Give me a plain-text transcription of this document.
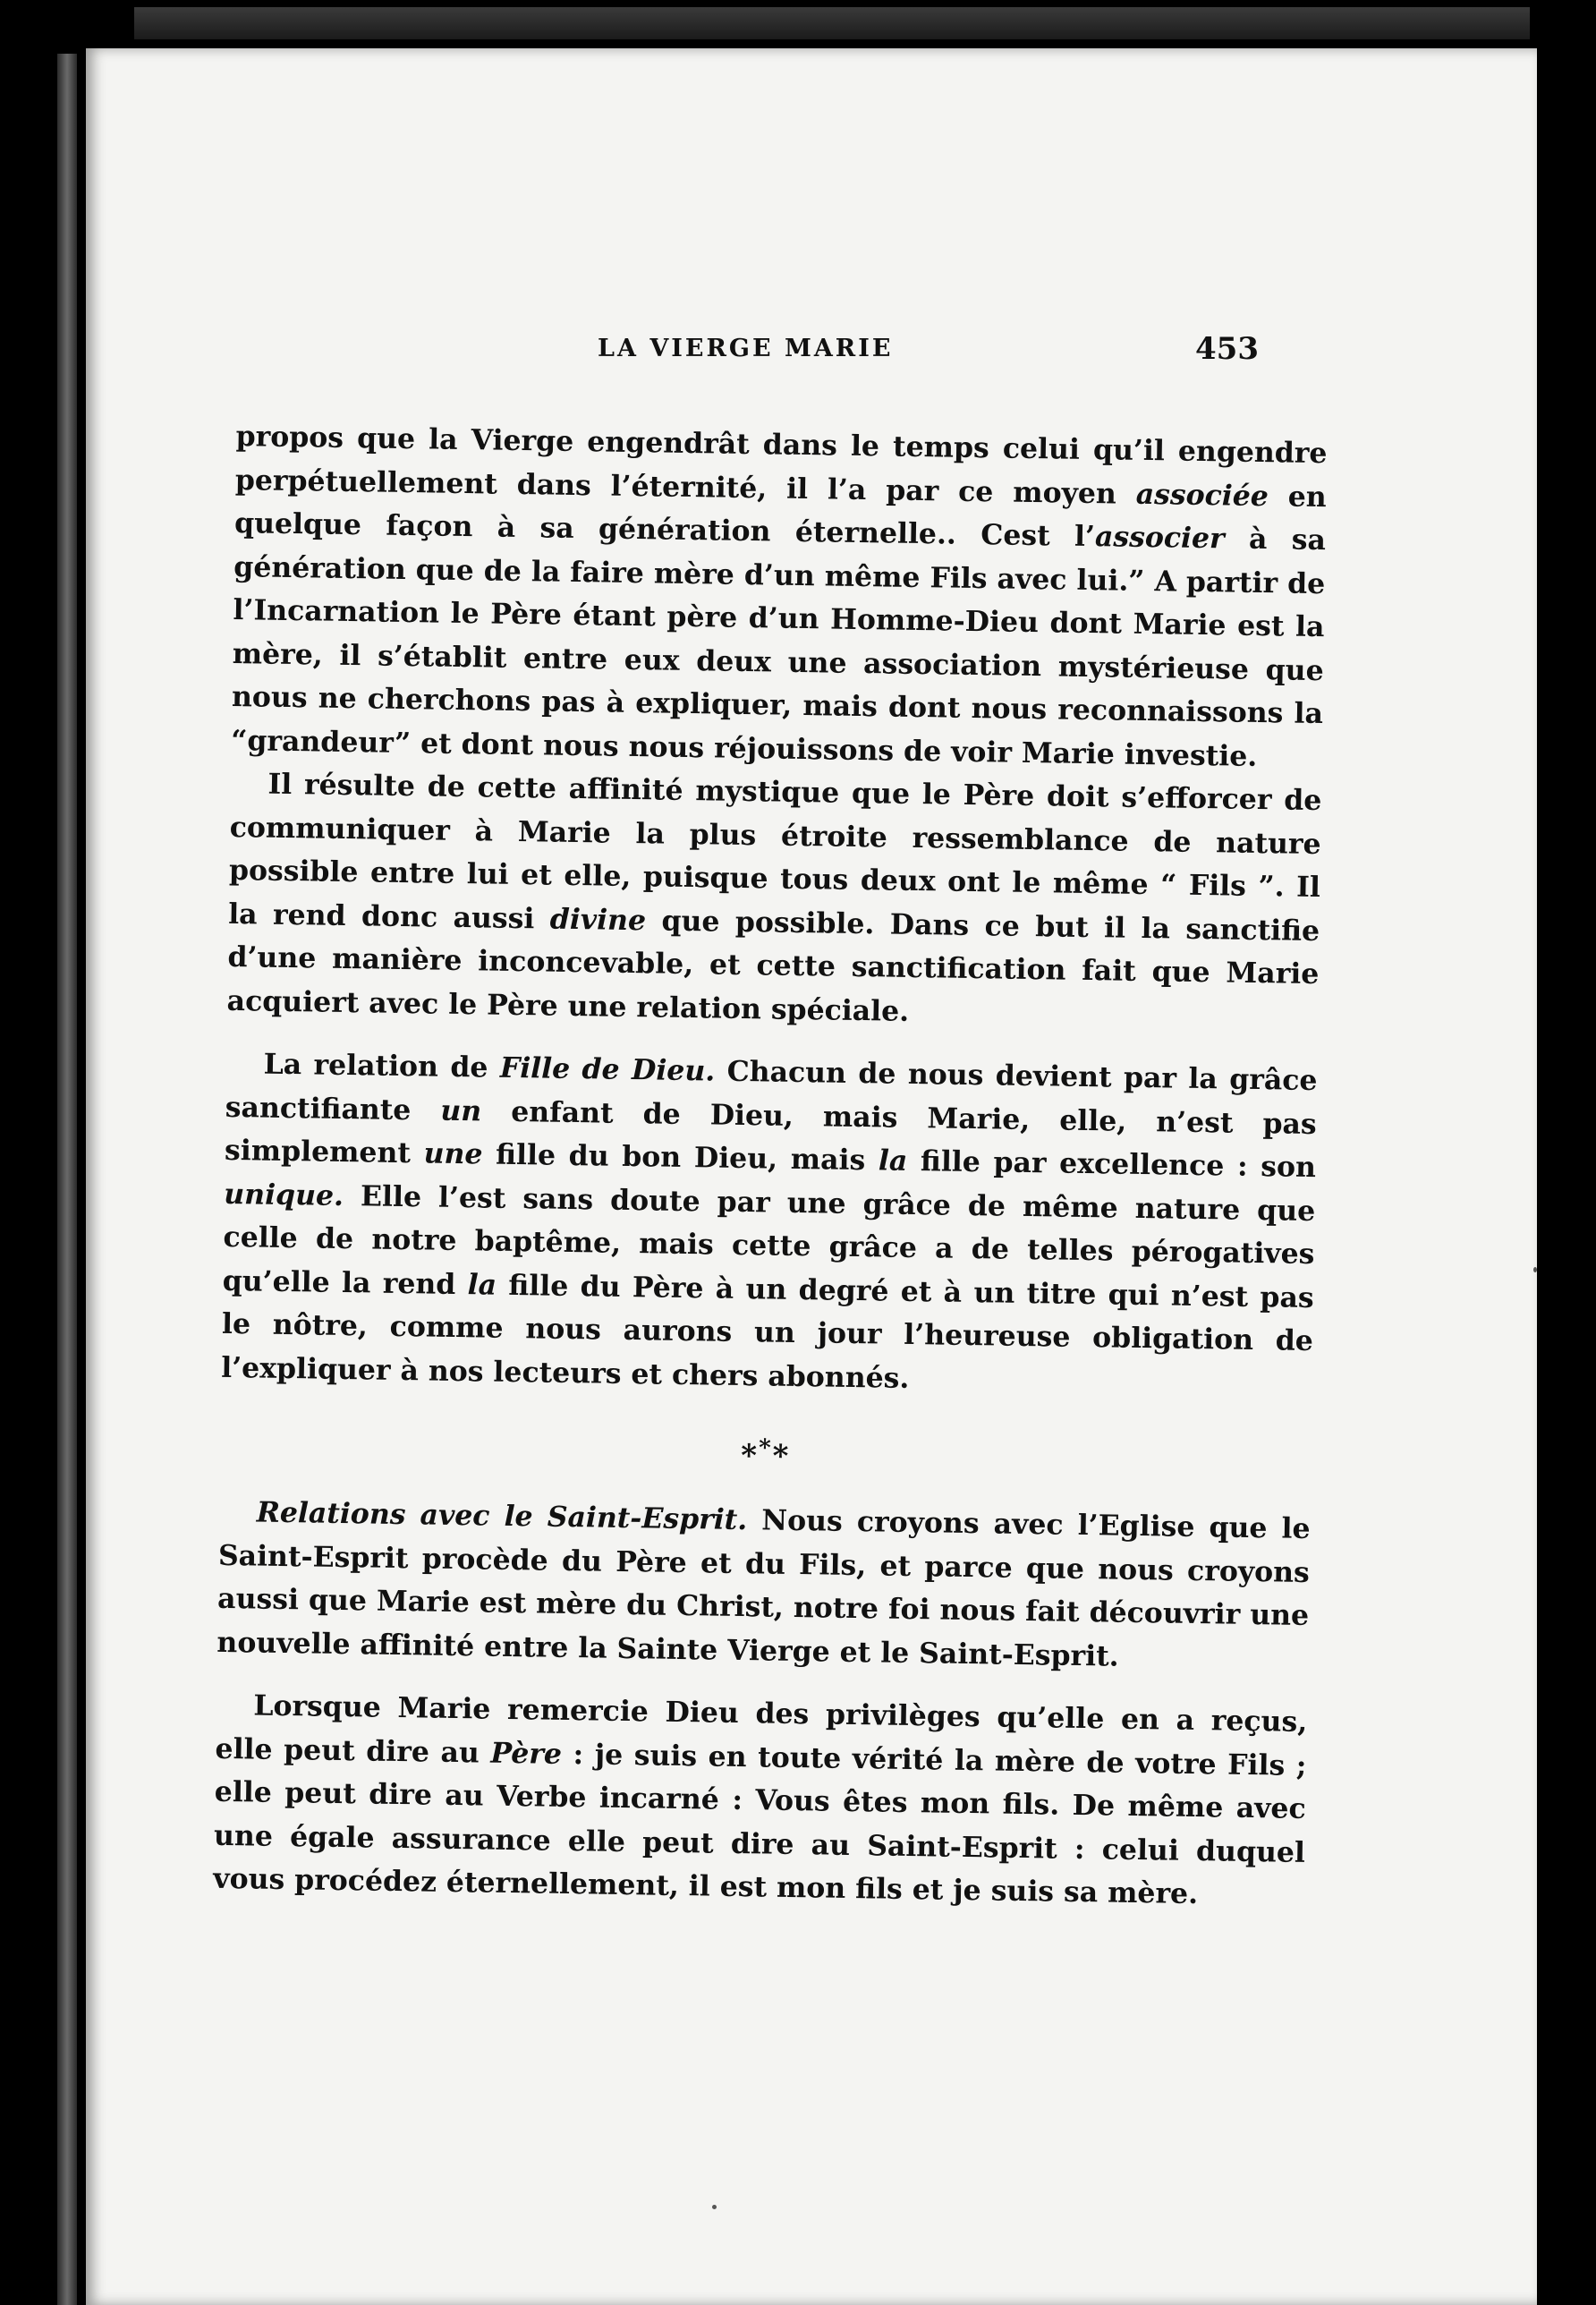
LA VIERGE MARIE	453

propos que la Vierge engendrât dans le temps celui qu’il engendre perpétuellement dans l’éternité, il l’a par ce moyen associée en quelque façon à sa génération éternelle.. Cest l’associer à sa génération que de la faire mère d’un même Fils avec lui.” A partir de l’Incarnation le Père étant père d’un Homme-Dieu dont Marie est la mère, il s’établit entre eux deux une association mystérieuse que nous ne cherchons pas à expliquer, mais dont nous reconnaissons la “grandeur” et dont nous nous réjouissons de voir Marie investie.

Il résulte de cette affinité mystique que le Père doit s’efforcer de communiquer à Marie la plus étroite ressemblance de nature possible entre lui et elle, puisque tous deux ont le même “ Fils ”. Il la rend donc aussi divine que possible. Dans ce but il la sanctifie d’une manière inconcevable, et cette sanctification fait que Marie acquiert avec le Père une relation spéciale.

La relation de Fille de Dieu. Chacun de nous devient par la grâce sanctifiante un enfant de Dieu, mais Marie, elle, n’est pas simplement une fille du bon Dieu, mais la fille par excellence : son unique. Elle l’est sans doute par une grâce de même nature que celle de notre baptême, mais cette grâce a de telles pérogatives qu’elle la rend la fille du Père à un degré et à un titre qui n’est pas le nôtre, comme nous aurons un jour l’heureuse obligation de l’expliquer à nos lecteurs et chers abonnés.

***

Relations avec le Saint-Esprit. Nous croyons avec l’Eglise que le Saint-Esprit procède du Père et du Fils, et parce que nous croyons aussi que Marie est mère du Christ, notre foi nous fait découvrir une nouvelle affinité entre la Sainte Vierge et le Saint-Esprit.

Lorsque Marie remercie Dieu des privilèges qu’elle en a reçus, elle peut dire au Père : je suis en toute vérité la mère de votre Fils ; elle peut dire au Verbe incarné : Vous êtes mon fils. De même avec une égale assurance elle peut dire au Saint-Esprit : celui duquel vous procédez éternellement, il est mon fils et je suis sa mère.
